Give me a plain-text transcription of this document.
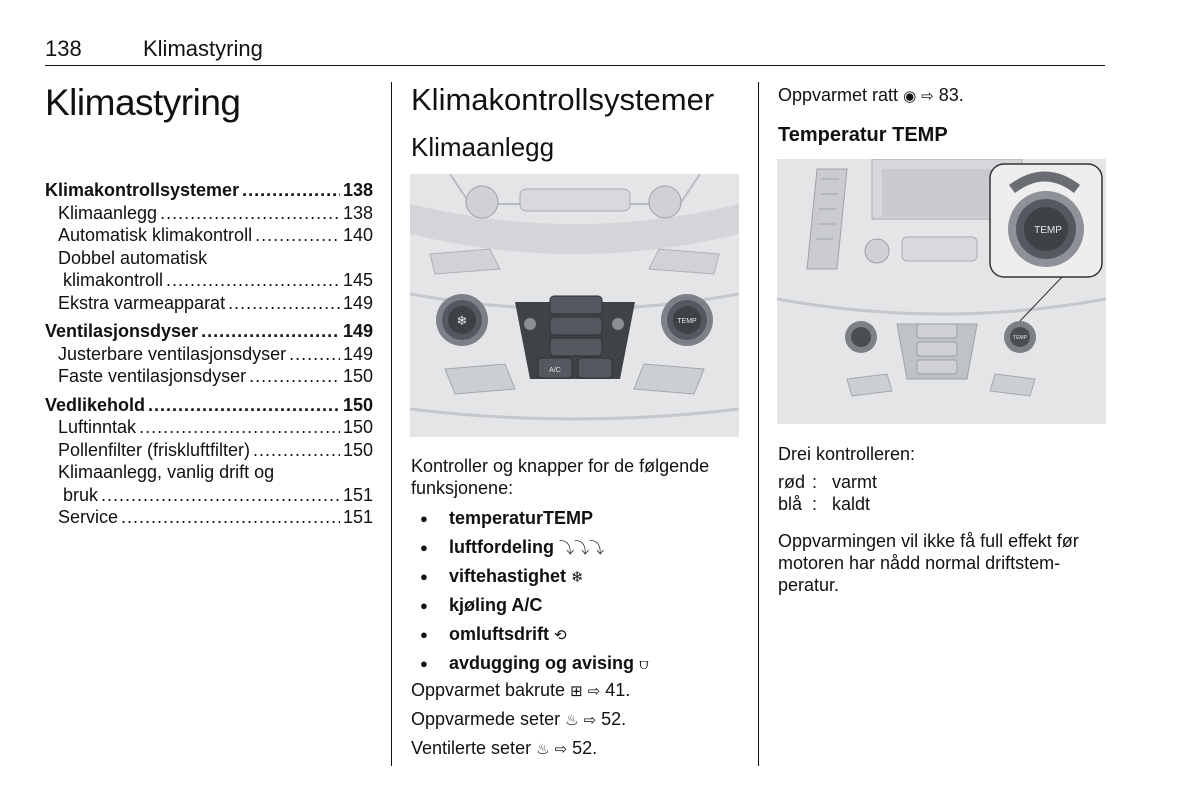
138	Klimastyring
Klimastyring
Klimakontrollsystemer .....	138
Klimaanlegg .....	138
Automatisk klimakontroll .....	140
Dobbel automatisk
klimakontroll .....	145
Ekstra varmeapparat .....	149
Ventilasjonsdyser .....	149
Justerbare ventilasjonsdyser .....	149
Faste ventilasjonsdyser .....	150
Vedlikehold .....	150
Luftinntak .....	150
Pollenfilter (friskluftfilter) .....	150
Klimaanlegg, vanlig drift og
bruk .....	151
Service .....	151
Klimakontrollsystemer
Klimaanlegg
❄	TEMP
A/C
Kontroller og knapper for de følgende funksjonene:
● temperaturTEMP
● luftfordeling ⤵⤵⤵
● viftehastighet ❄
● kjøling A/C
● omluftsdrift ⟲
● avdugging og avising ⩌
Oppvarmet bakrute ⊞ ⇨ 41.
Oppvarmede seter ♨ ⇨ 52.
Ventilerte seter ♨ ⇨ 52.
Oppvarmet ratt ◉ ⇨ 83.
Temperatur TEMP
TEMP
TEMP
Drei kontrolleren:
rød : varmt
blå : kaldt
Oppvarmingen vil ikke få full effekt før motoren har nådd normal driftstem-peratur.
